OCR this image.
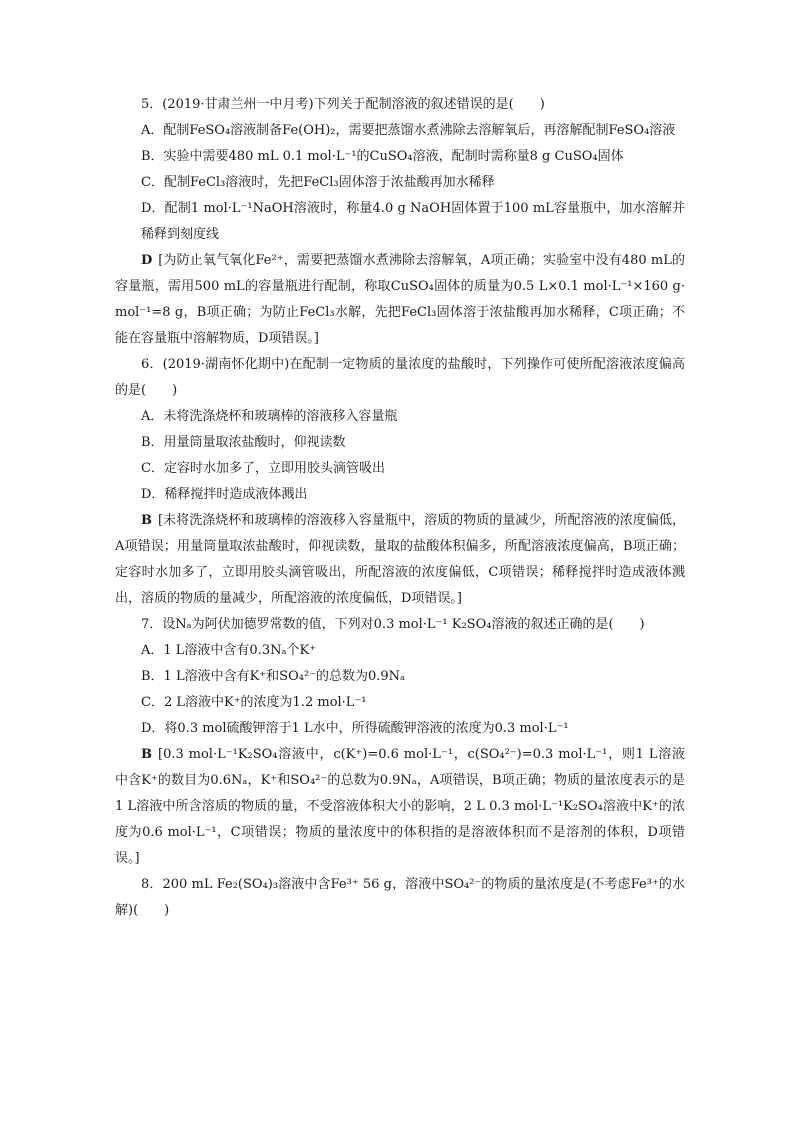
5．(2019·甘肃兰州一中月考)下列关于配制溶液的叙述错误的是(　　)

A．配制FeSO₄溶液制备Fe(OH)₂，需要把蒸馏水煮沸除去溶解氧后，再溶解配制FeSO₄溶液

B．实验中需要480 mL 0.1 mol·L⁻¹的CuSO₄溶液，配制时需称量8 g CuSO₄固体

C．配制FeCl₃溶液时，先把FeCl₃固体溶于浓盐酸再加水稀释

D．配制1 mol·L⁻¹NaOH溶液时，称量4.0 g NaOH固体置于100 mL容量瓶中，加水溶解并稀释到刻度线

D [为防止氧气氧化Fe²⁺，需要把蒸馏水煮沸除去溶解氧，A项正确；实验室中没有480 mL的容量瓶，需用500 mL的容量瓶进行配制，称取CuSO₄固体的质量为0.5 L×0.1 mol·L⁻¹×160 g·mol⁻¹=8 g，B项正确；为防止FeCl₃水解，先把FeCl₃固体溶于浓盐酸再加水稀释，C项正确；不能在容量瓶中溶解物质，D项错误。]

6．(2019·湖南怀化期中)在配制一定物质的量浓度的盐酸时，下列操作可使所配溶液浓度偏高的是(　　)

A．未将洗涤烧杯和玻璃棒的溶液移入容量瓶

B．用量筒量取浓盐酸时，仰视读数

C．定容时水加多了，立即用胶头滴管吸出

D．稀释搅拌时造成液体溅出

B [未将洗涤烧杯和玻璃棒的溶液移入容量瓶中，溶质的物质的量减少，所配溶液的浓度偏低，A项错误；用量筒量取浓盐酸时，仰视读数，量取的盐酸体积偏多，所配溶液浓度偏高，B项正确；定容时水加多了，立即用胶头滴管吸出，所配溶液的浓度偏低，C项错误；稀释搅拌时造成液体溅出，溶质的物质的量减少，所配溶液的浓度偏低，D项错误。]

7．设Nₐ为阿伏加德罗常数的值，下列对0.3 mol·L⁻¹ K₂SO₄溶液的叙述正确的是(　　)

A．1 L溶液中含有0.3Nₐ个K⁺

B．1 L溶液中含有K⁺和SO₄²⁻的总数为0.9Nₐ

C．2 L溶液中K⁺的浓度为1.2 mol·L⁻¹

D．将0.3 mol硫酸钾溶于1 L水中，所得硫酸钾溶液的浓度为0.3 mol·L⁻¹

B [0.3 mol·L⁻¹K₂SO₄溶液中，c(K⁺)=0.6 mol·L⁻¹，c(SO₄²⁻)=0.3 mol·L⁻¹，则1 L溶液中含K⁺的数目为0.6Nₐ，K⁺和SO₄²⁻的总数为0.9Nₐ，A项错误，B项正确；物质的量浓度表示的是1 L溶液中所含溶质的物质的量，不受溶液体积大小的影响，2 L 0.3 mol·L⁻¹K₂SO₄溶液中K⁺的浓度为0.6 mol·L⁻¹，C项错误；物质的量浓度中的体积指的是溶液体积而不是溶剂的体积，D项错误。]

8．200 mL Fe₂(SO₄)₃溶液中含Fe³⁺ 56 g，溶液中SO₄²⁻的物质的量浓度是(不考虑Fe³⁺的水解)(　　)
